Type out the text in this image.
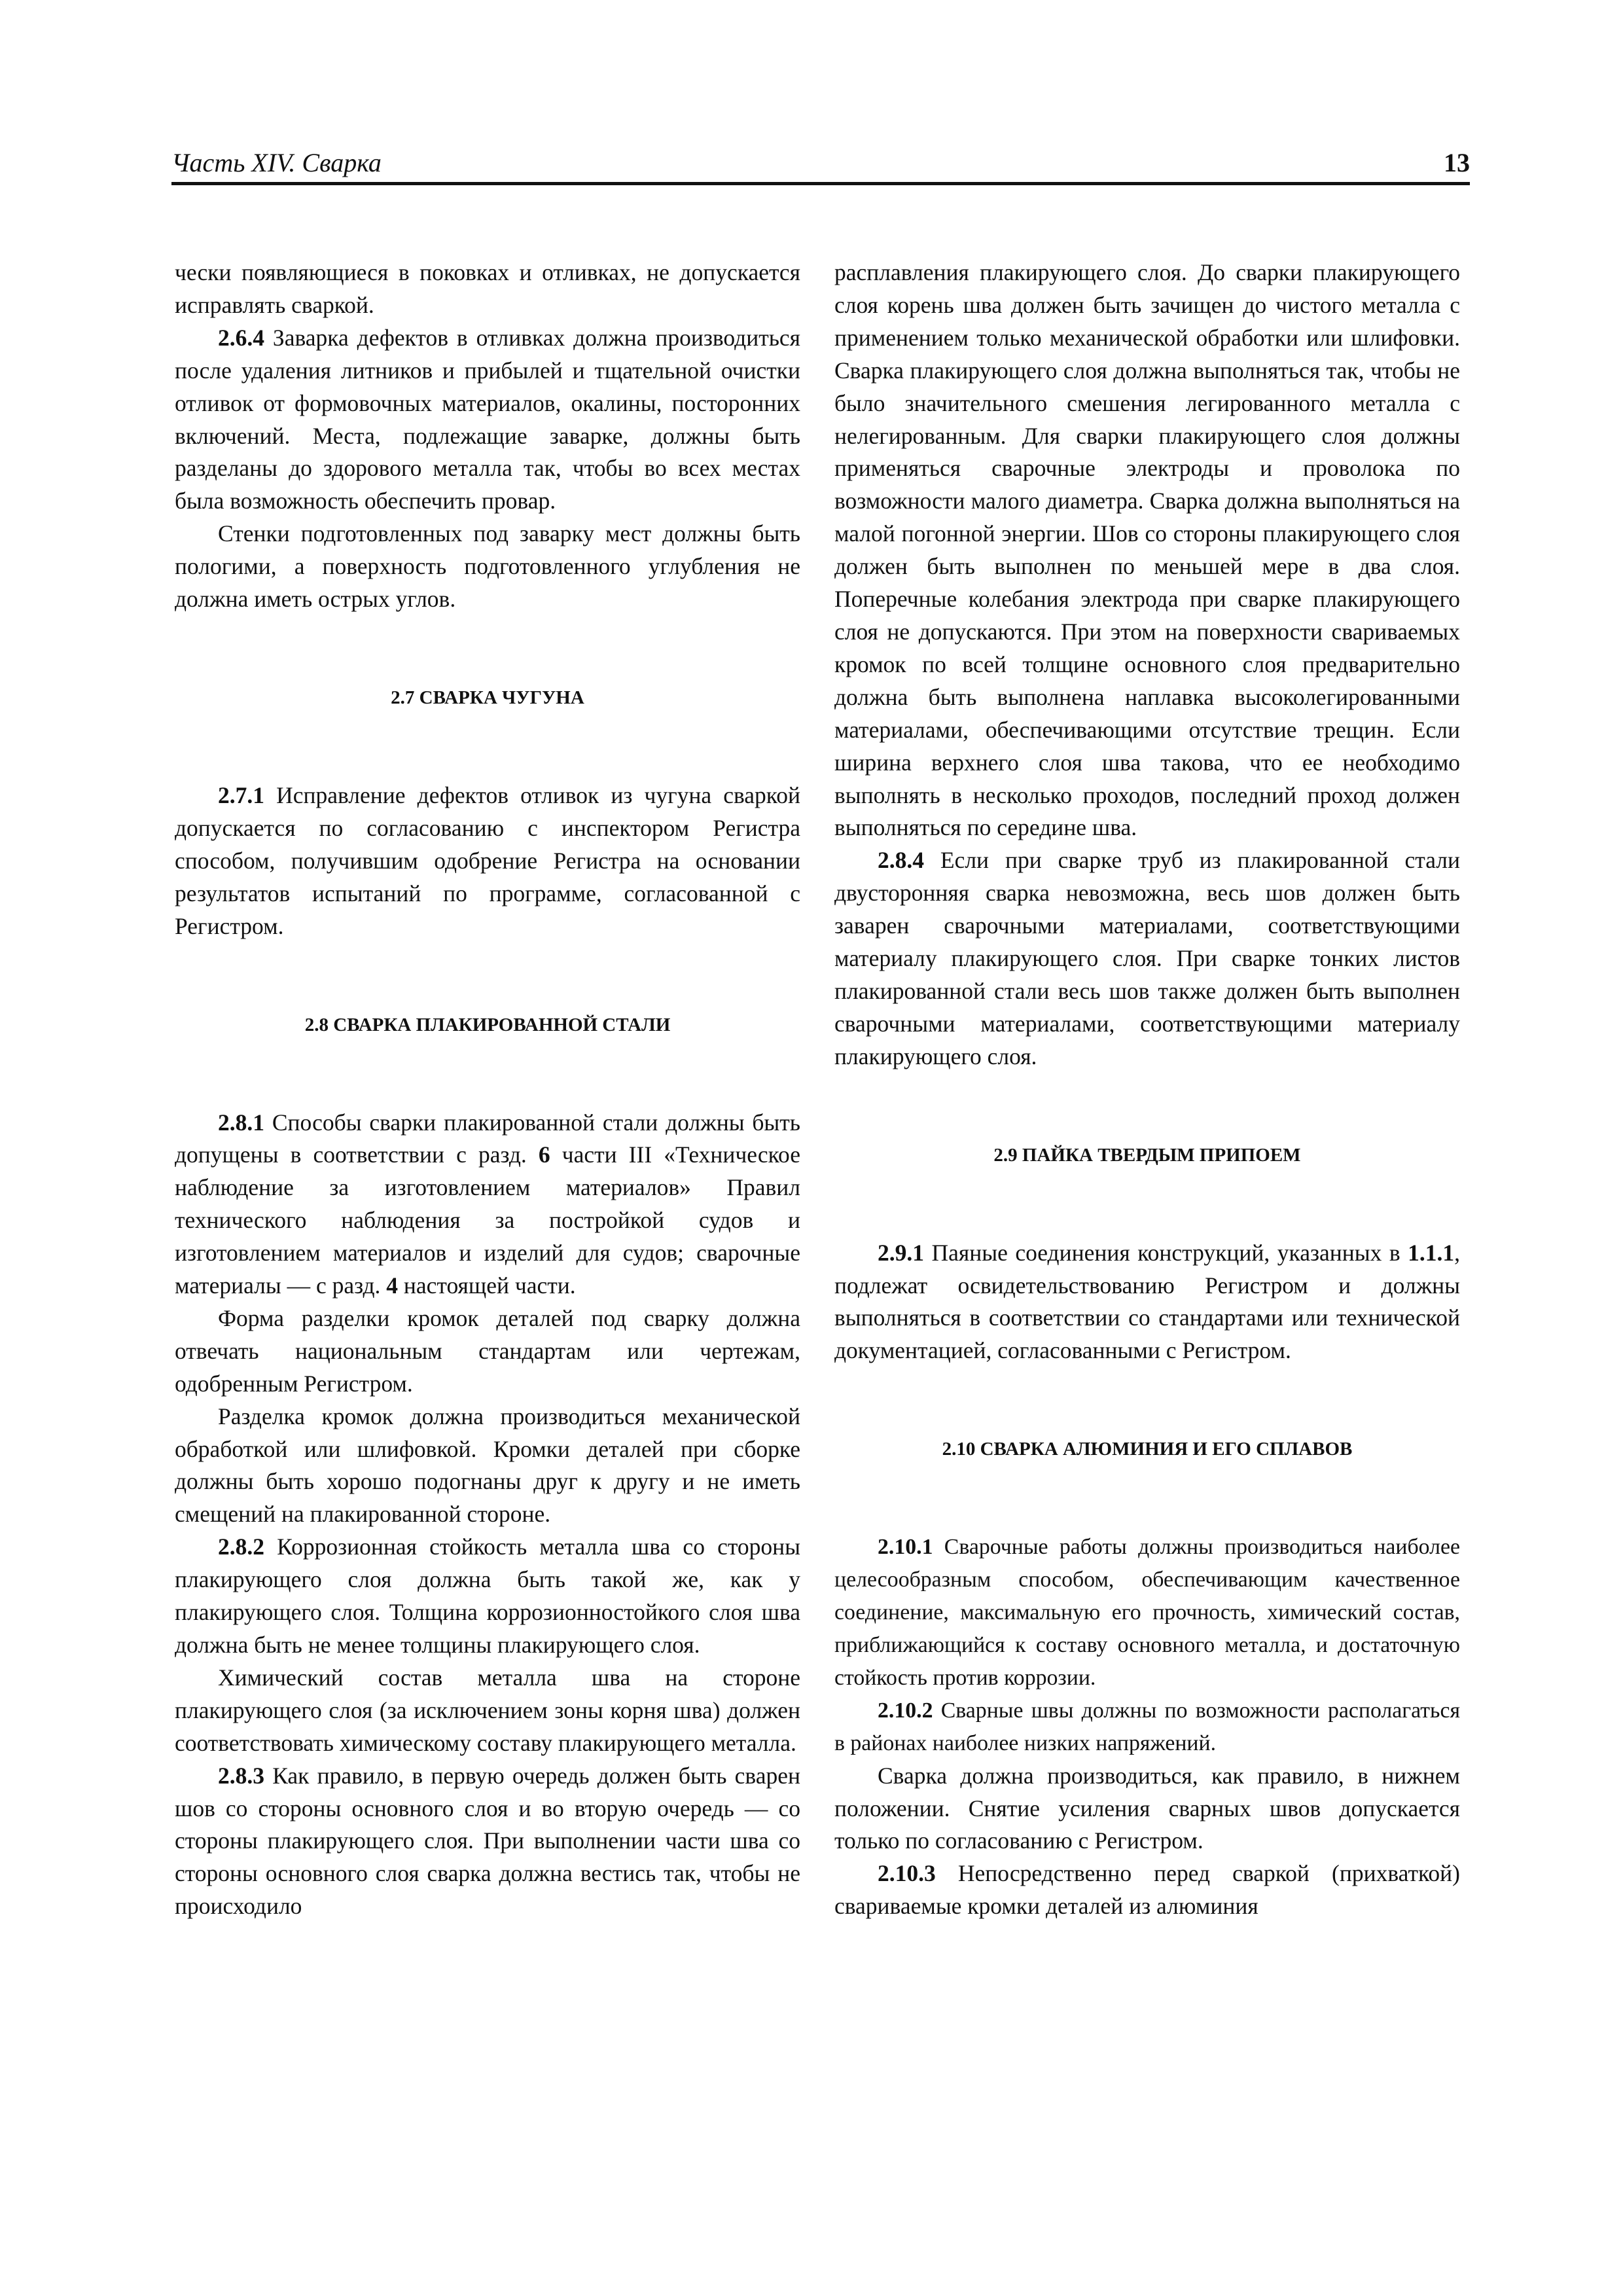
Часть XIV. Сварка	13

чески появляющиеся в поковках и отливках, не допускается исправлять сваркой.

2.6.4 Заварка дефектов в отливках должна производиться после удаления литников и прибылей и тщательной очистки отливок от формовочных материалов, окалины, посторонних включений. Места, подлежащие заварке, должны быть разделаны до здорового металла так, чтобы во всех местах была возможность обеспечить провар.

Стенки подготовленных под заварку мест должны быть пологими, а поверхность подготовленного углубления не должна иметь острых углов.

2.7 СВАРКА ЧУГУНА

2.7.1 Исправление дефектов отливок из чугуна сваркой допускается по согласованию с инспектором Регистра способом, получившим одобрение Регистра на основании результатов испытаний по программе, согласованной с Регистром.

2.8 СВАРКА ПЛАКИРОВАННОЙ СТАЛИ

2.8.1 Способы сварки плакированной стали должны быть допущены в соответствии с разд. 6 части III «Техническое наблюдение за изготовлением материалов» Правил технического наблюдения за постройкой судов и изготовлением материалов и изделий для судов; сварочные материалы — с разд. 4 настоящей части.

Форма разделки кромок деталей под сварку должна отвечать национальным стандартам или чертежам, одобренным Регистром.

Разделка кромок должна производиться механической обработкой или шлифовкой. Кромки деталей при сборке должны быть хорошо подогнаны друг к другу и не иметь смещений на плакированной стороне.

2.8.2 Коррозионная стойкость металла шва со стороны плакирующего слоя должна быть такой же, как у плакирующего слоя. Толщина коррозионностойкого слоя шва должна быть не менее толщины плакирующего слоя.

Химический состав металла шва на стороне плакирующего слоя (за исключением зоны корня шва) должен соответствовать химическому составу плакирующего металла.

2.8.3 Как правило, в первую очередь должен быть сварен шов со стороны основного слоя и во вторую очередь — со стороны плакирующего слоя. При выполнении части шва со стороны основного слоя сварка должна вестись так, чтобы не происходило

расплавления плакирующего слоя. До сварки плакирующего слоя корень шва должен быть зачищен до чистого металла с применением только механической обработки или шлифовки. Сварка плакирующего слоя должна выполняться так, чтобы не было значительного смешения легированного металла с нелегированным. Для сварки плакирующего слоя должны применяться сварочные электроды и проволока по возможности малого диаметра. Сварка должна выполняться на малой погонной энергии. Шов со стороны плакирующего слоя должен быть выполнен по меньшей мере в два слоя. Поперечные колебания электрода при сварке плакирующего слоя не допускаются. При этом на поверхности свариваемых кромок по всей толщине основного слоя предварительно должна быть выполнена наплавка высоколегированными материалами, обеспечивающими отсутствие трещин. Если ширина верхнего слоя шва такова, что ее необходимо выполнять в несколько проходов, последний проход должен выполняться по середине шва.

2.8.4 Если при сварке труб из плакированной стали двусторонняя сварка невозможна, весь шов должен быть заварен сварочными материалами, соответствующими материалу плакирующего слоя. При сварке тонких листов плакированной стали весь шов также должен быть выполнен сварочными материалами, соответствующими материалу плакирующего слоя.

2.9 ПАЙКА ТВЕРДЫМ ПРИПОЕМ

2.9.1 Паяные соединения конструкций, указанных в 1.1.1, подлежат освидетельствованию Регистром и должны выполняться в соответствии со стандартами или технической документацией, согласованными с Регистром.

2.10 СВАРКА АЛЮМИНИЯ И ЕГО СПЛАВОВ

2.10.1 Сварочные работы должны производиться наиболее целесообразным способом, обеспечивающим качественное соединение, максимальную его прочность, химический состав, приближающийся к составу основного металла, и достаточную стойкость против коррозии.

2.10.2 Сварные швы должны по возможности располагаться в районах наиболее низких напряжений.

Сварка должна производиться, как правило, в нижнем положении. Снятие усиления сварных швов допускается только по согласованию с Регистром.

2.10.3 Непосредственно перед сваркой (прихваткой) свариваемые кромки деталей из алюминия
